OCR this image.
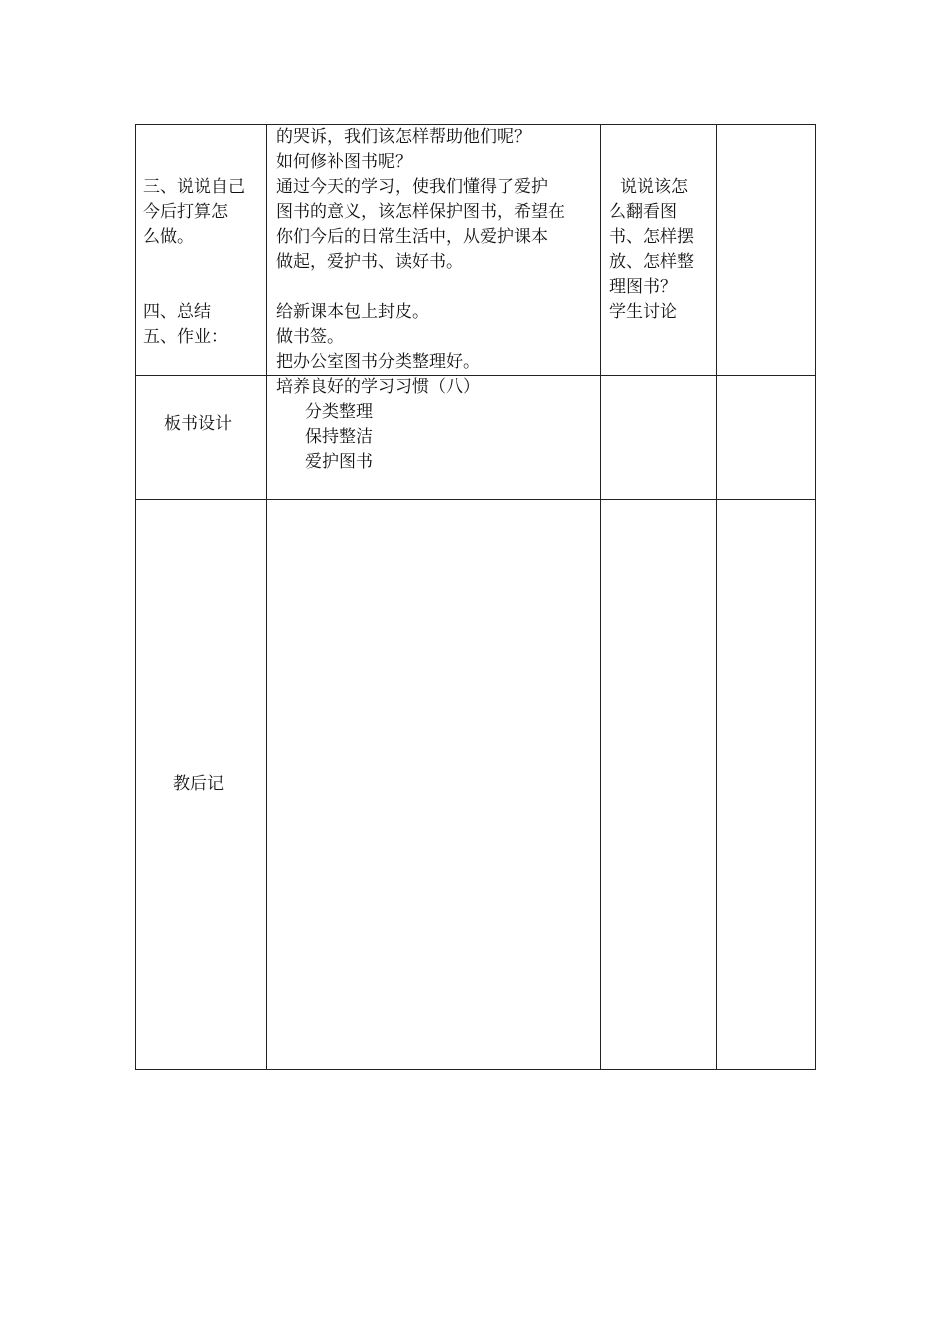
三、说说自己
今后打算怎
么做。
四、总结
五、作业：
的哭诉，我们该怎样帮助他们呢？
如何修补图书呢？
通过今天的学习，使我们懂得了爱护
图书的意义，该怎样保护图书，希望在
你们今后的日常生活中，从爱护课本
做起，爱护书、读好书。
给新课本包上封皮。
做书签。
把办公室图书分类整理好。
说说该怎
么翻看图
书、怎样摆
放、怎样整
理图书？
学生讨论
板书设计
培养良好的学习习惯（八）
分类整理
保持整洁
爱护图书
教后记
